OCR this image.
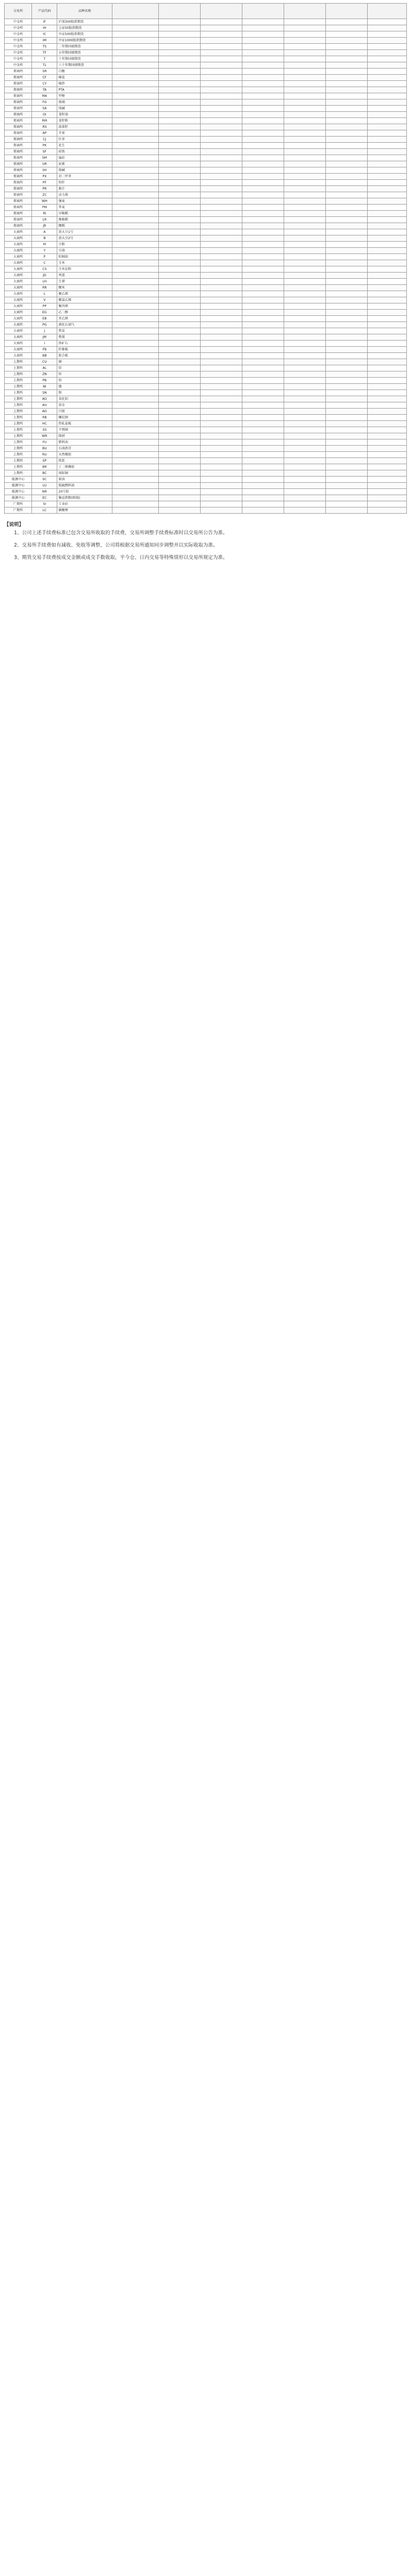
交易所	产品代码	品种名称							
中金所	IF	沪深300股指期货							
中金所	IH	上证50股指期货							
中金所	IC	中证500股指期货							
中金所	IM	中证1000股指期货							
中金所	TS	二年期国债期货							
中金所	TF	五年期国债期货							
中金所	T	十年期国债期货							
中金所	TL	三十年期国债期货							
郑商所	SR	白糖							
郑商所	CF	棉花							
郑商所	CY	棉纱							
郑商所	TA	PTA							
郑商所	MA	甲醇							
郑商所	FG	玻璃							
郑商所	SA	纯碱							
郑商所	OI	菜籽油							
郑商所	RM	菜籽粕							
郑商所	RS	油菜籽							
郑商所	AP	苹果							
郑商所	CJ	红枣							
郑商所	PK	花生							
郑商所	SF	硅铁							
郑商所	SM	锰硅							
郑商所	UR	尿素							
郑商所	SH	烧碱							
郑商所	PX	对二甲苯							
郑商所	PF	短纤							
郑商所	PR	瓶片							
郑商所	ZC	动力煤							
郑商所	WH	强麦							
郑商所	PM	普麦							
郑商所	RI	早籼稻							
郑商所	LR	晚籼稻							
郑商所	JR	粳稻							
大商所	A	黄大豆1号							
大商所	B	黄大豆2号							
大商所	M	豆粕							
大商所	Y	豆油							
大商所	P	棕榈油							
大商所	C	玉米							
大商所	CS	玉米淀粉							
大商所	JD	鸡蛋							
大商所	LH	生猪							
大商所	RR	粳米							
大商所	L	聚乙烯							
大商所	V	聚氯乙烯							
大商所	PP	聚丙烯							
大商所	EG	乙二醇							
大商所	EB	苯乙烯							
大商所	PG	液化石油气							
大商所	J	焦炭							
大商所	JM	焦煤							
大商所	I	铁矿石							
大商所	FB	纤维板							
大商所	BB	胶合板							
上期所	CU	铜							
上期所	AL	铝							
上期所	ZN	锌							
上期所	PB	铅							
上期所	NI	镍							
上期所	SN	锡							
上期所	AO	氧化铝							
上期所	AU	黄金							
上期所	AG	白银							
上期所	RB	螺纹钢							
上期所	HC	热轧卷板							
上期所	SS	不锈钢							
上期所	WR	线材							
上期所	FU	燃料油							
上期所	BU	石油沥青							
上期所	RU	天然橡胶							
上期所	SP	纸浆							
上期所	BR	丁二烯橡胶							
上期所	BC	国际铜							
能源中心	SC	原油							
能源中心	LU	低硫燃料油							
能源中心	NR	20号胶							
能源中心	EC	集运指数(欧线)							
广期所	SI	工业硅							
广期所	LC	碳酸锂							
【说明】

1、公司上述手续费标准已包含交易所收取的手续费，交易所调整手续费标准时以交易所公告为准。

2、交易所手续费如有减收、免收等调整，公司将根据交易所通知同步调整并以实际收取为准。

3、期货交易手续费按成交金额或成交手数收取，平今仓、日内交易等特殊情形以交易所规定为准。
